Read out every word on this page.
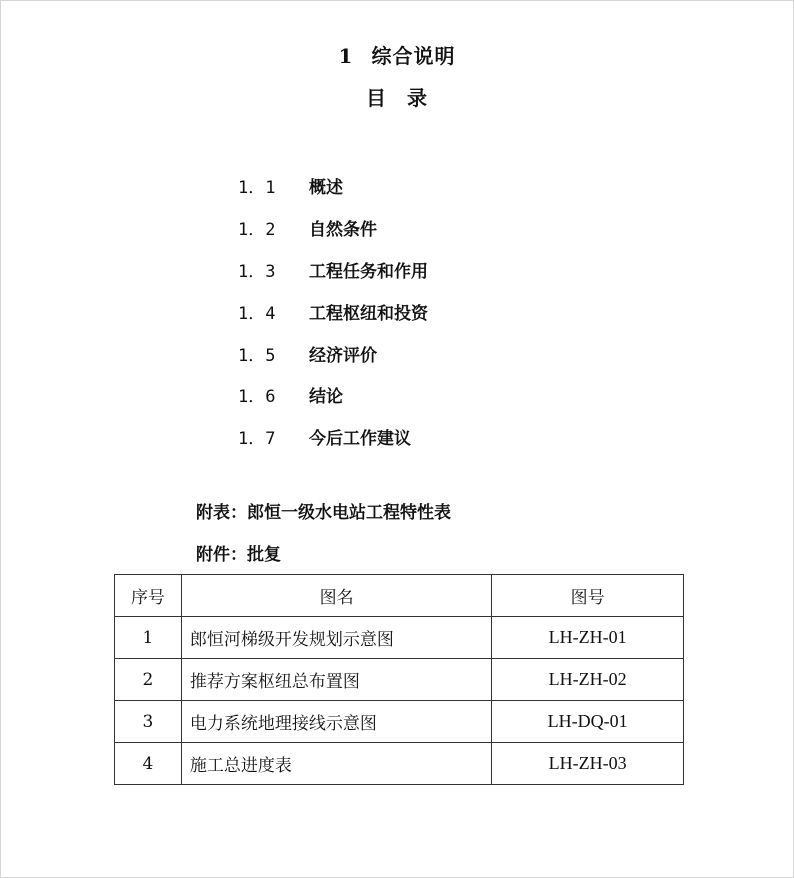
1 综合说明
目 录
1．1	概述
1．2	自然条件
1．3	工程任务和作用
1．4	工程枢纽和投资
1．5	经济评价
1．6	结论
1．7	今后工作建议
附表：郎恒一级水电站工程特性表
附件：批复
序号	图名	图号
1	郎恒河梯级开发规划示意图	LH-ZH-01
2	推荐方案枢纽总布置图	LH-ZH-02
3	电力系统地理接线示意图	LH-DQ-01
4	施工总进度表	LH-ZH-03
